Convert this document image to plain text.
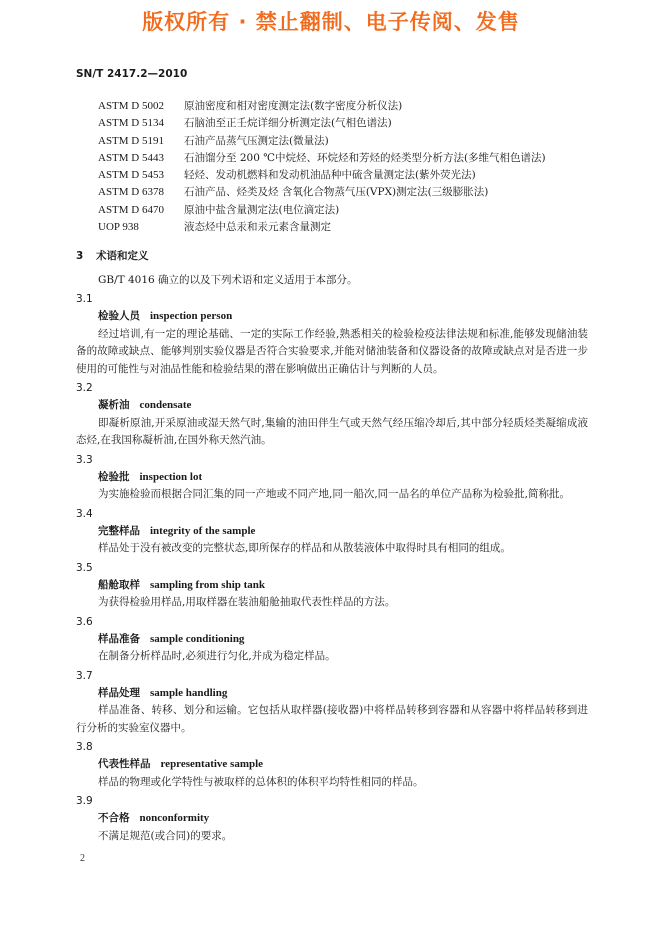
版权所有 · 禁止翻制、电子传阅、发售
SN/T 2417.2—2010
ASTM D 5002 原油密度和相对密度测定法(数字密度分析仪法)
ASTM D 5134 石脑油至正壬烷详细分析测定法(气相色谱法)
ASTM D 5191 石油产品蒸气压测定法(微量法)
ASTM D 5443 石油馏分至 200 ℃中烷烃、环烷烃和芳烃的烃类型分析方法(多维气相色谱法)
ASTM D 5453 轻烃、发动机燃料和发动机油品种中硫含量测定法(紫外荧光法)
ASTM D 6378 石油产品、烃类及烃 含氧化合物蒸气压(VPX)测定法(三级膨胀法)
ASTM D 6470 原油中盐含量测定法(电位滴定法)
UOP 938	液态烃中总汞和汞元素含量测定
3 术语和定义
GB/T 4016 确立的以及下列术语和定义适用于本部分。
3.1
检验人员 inspection person
经过培训,有一定的理论基础、一定的实际工作经验,熟悉相关的检验检疫法律法规和标准,能够发现储油装备的故障或缺点、能够判别实验仪器是否符合实验要求,并能对储油装备和仪器设备的故障或缺点对是否进一步使用的可能性与对油品性能和检验结果的潜在影响做出正确估计与判断的人员。
3.2
凝析油 condensate
即凝析原油,开采原油或湿天然气时,集输的油田伴生气或天然气经压缩冷却后,其中部分轻质烃类凝缩成液态烃,在我国称凝析油,在国外称天然汽油。
3.3
检验批 inspection lot
为实施检验而根据合同汇集的同一产地或不同产地,同一船次,同一品名的单位产品称为检验批,简称批。
3.4
完整样品 integrity of the sample
样品处于没有被改变的完整状态,即所保存的样品和从散装液体中取得时具有相同的组成。
3.5
船舱取样 sampling from ship tank
为获得检验用样品,用取样器在装油船舱抽取代表性样品的方法。
3.6
样品准备 sample conditioning
在制备分析样品时,必须进行匀化,并成为稳定样品。
3.7
样品处理 sample handling
样品准备、转移、划分和运输。它包括从取样器(接收器)中将样品转移到容器和从容器中将样品转移到进行分析的实验室仪器中。
3.8
代表性样品 representative sample
样品的物理或化学特性与被取样的总体积的体积平均特性相同的样品。
3.9
不合格 nonconformity
不满足规范(或合同)的要求。
2
